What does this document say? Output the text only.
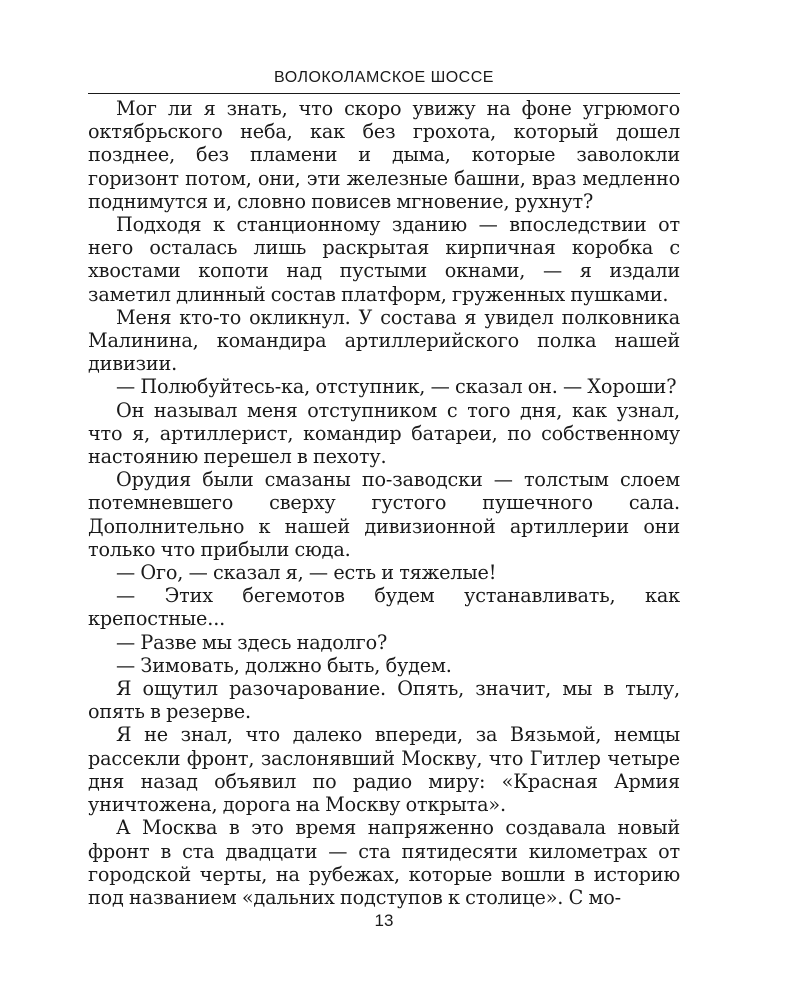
ВОЛОКОЛАМСКОЕ ШОССЕ

Мог ли я знать, что скоро увижу на фоне угрюмого октябрьского неба, как без грохота, который дошел позднее, без пламени и дыма, которые заволокли горизонт потом, они, эти железные башни, враз медленно поднимутся и, словно повисев мгновение, рухнут?

Подходя к станционному зданию — впоследствии от него осталась лишь раскрытая кирпичная коробка с хвостами копоти над пустыми окнами, — я издали заметил длинный состав платформ, груженных пушками.

Меня кто-то окликнул. У состава я увидел полковника Малинина, командира артиллерийского полка нашей дивизии.

— Полюбуйтесь-ка, отступник, — сказал он. — Хороши?

Он называл меня отступником с того дня, как узнал, что я, артиллерист, командир батареи, по собственному настоянию перешел в пехоту.

Орудия были смазаны по-заводски — толстым слоем потемневшего сверху густого пушечного сала. Дополнительно к нашей дивизионной артиллерии они только что прибыли сюда.

— Ого, — сказал я, — есть и тяжелые!

— Этих бегемотов будем устанавливать, как крепостные...

— Разве мы здесь надолго?

— Зимовать, должно быть, будем.

Я ощутил разочарование. Опять, значит, мы в тылу, опять в резерве.

Я не знал, что далеко впереди, за Вязьмой, немцы рассекли фронт, заслонявший Москву, что Гитлер четыре дня назад объявил по радио миру: «Красная Армия уничтожена, дорога на Москву открыта».

А Москва в это время напряженно создавала новый фронт в ста двадцати — ста пятидесяти километрах от городской черты, на рубежах, которые вошли в историю под названием «дальних подступов к столице». С мо-

13
